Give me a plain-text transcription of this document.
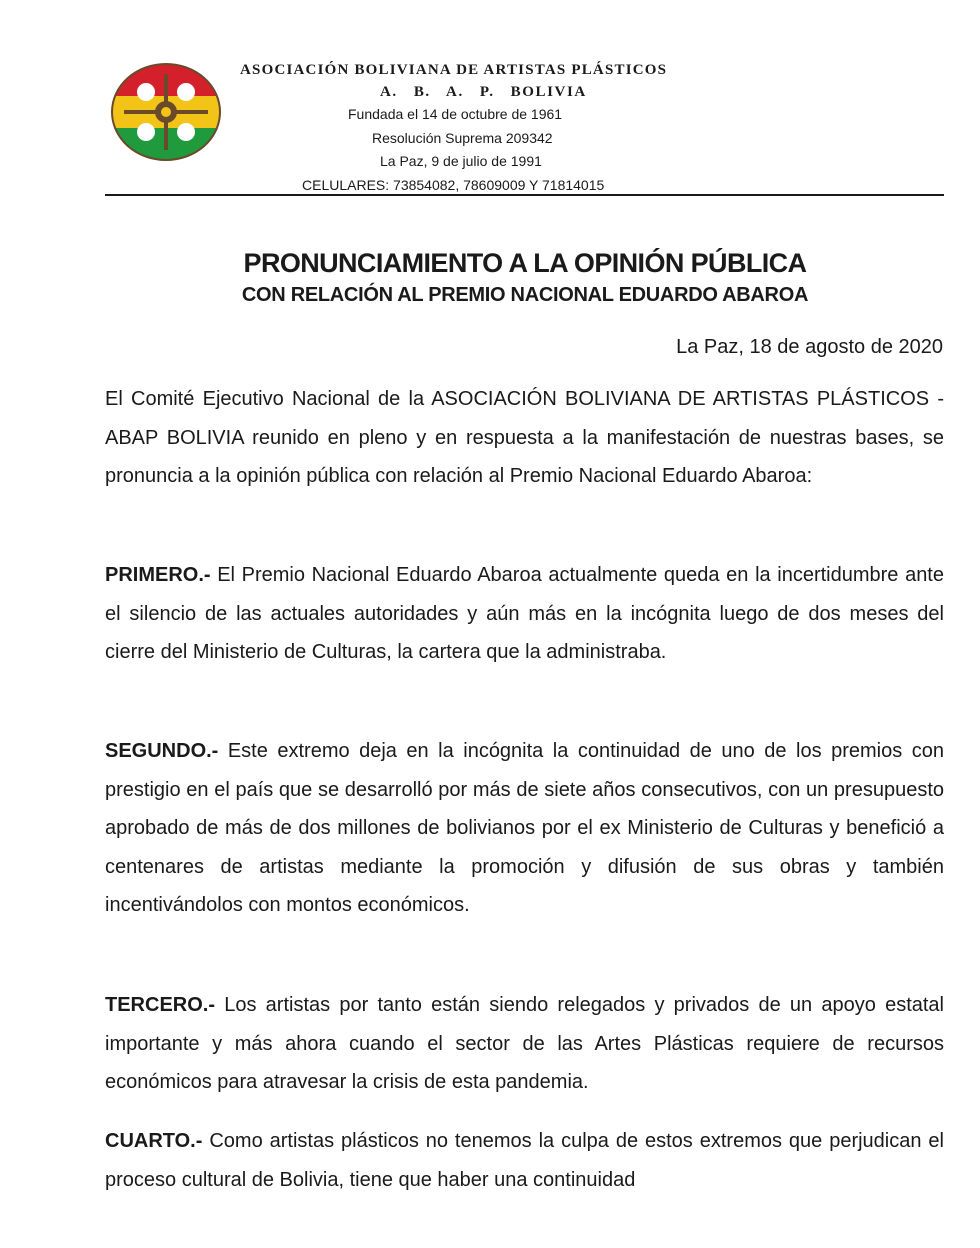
ASOCIACIÓN BOLIVIANA DE ARTISTAS PLÁSTICOS
A.   B.   A.   P.   BOLIVIA
Fundada el 14 de octubre de 1961
Resolución Suprema 209342
La Paz, 9 de julio de 1991
CELULARES: 73854082, 78609009 Y 71814015
PRONUNCIAMIENTO A LA OPINIÓN PÚBLICA
CON RELACIÓN AL PREMIO NACIONAL EDUARDO ABAROA
La Paz, 18 de agosto de 2020

El Comité Ejecutivo Nacional de la ASOCIACIÓN BOLIVIANA DE ARTISTAS PLÁSTICOS - ABAP BOLIVIA reunido en pleno y en respuesta a la manifestación de nuestras bases, se pronuncia a la opinión pública con relación al Premio Nacional Eduardo Abaroa:

PRIMERO.- El Premio Nacional Eduardo Abaroa actualmente queda en la incertidumbre ante el silencio de las actuales autoridades y aún más en la incógnita luego de dos meses del cierre del Ministerio de Culturas, la cartera que la administraba.

SEGUNDO.- Este extremo deja en la incógnita la continuidad de uno de los premios con prestigio en el país que se desarrolló por más de siete años consecutivos, con un presupuesto aprobado de más de dos millones de bolivianos por el ex Ministerio de Culturas y benefició a centenares de artistas mediante la promoción y difusión de sus obras y también incentivándolos con montos económicos.

TERCERO.- Los artistas por tanto están siendo relegados y privados de un apoyo estatal importante y más ahora cuando el sector de las Artes Plásticas requiere de recursos económicos para atravesar la crisis de esta pandemia.

CUARTO.- Como artistas plásticos no tenemos la culpa de estos extremos que perjudican el proceso cultural de Bolivia, tiene que haber una continuidad
